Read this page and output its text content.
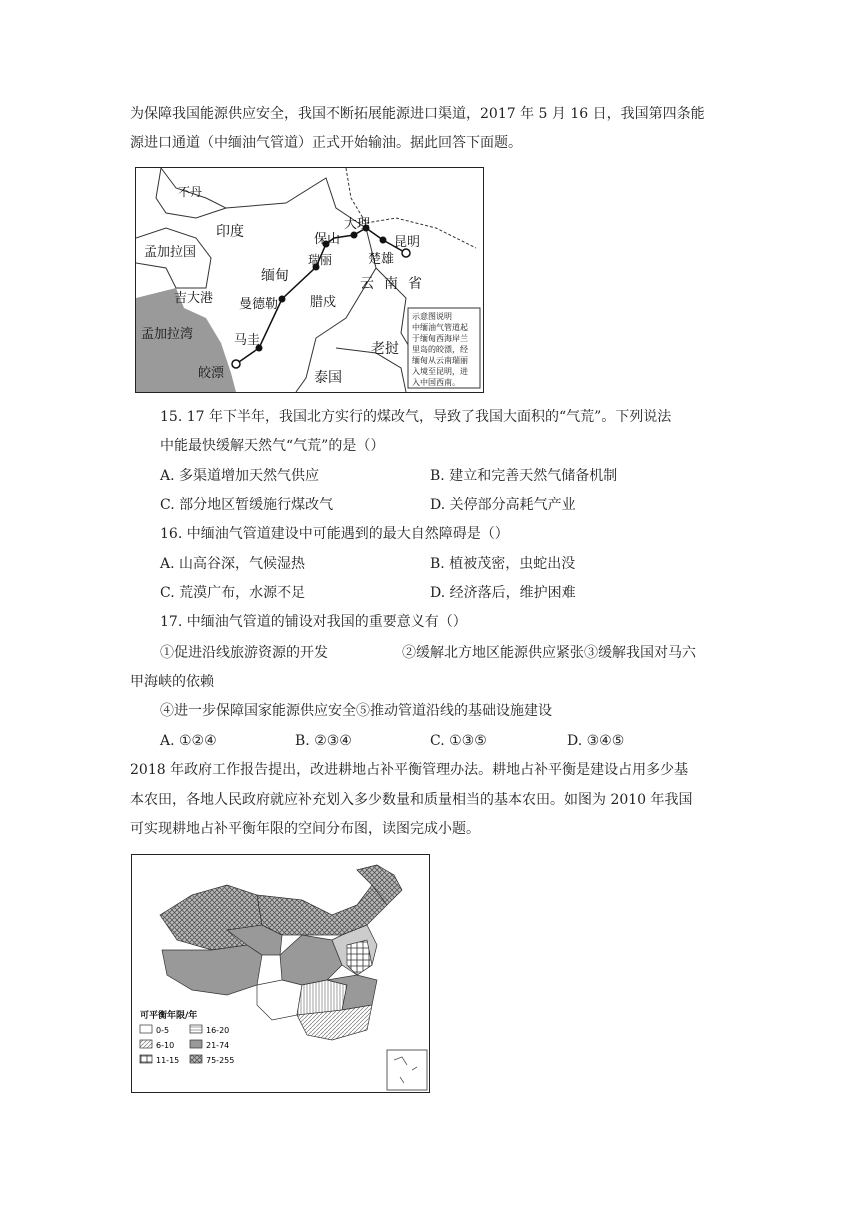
为保障我国能源供应安全，我国不断拓展能源进口渠道，2017 年 5 月 16 日，我国第四条能
源进口通道（中缅油气管道）正式开始输油。据此回答下面题。
不丹
印度
孟加拉国
吉大港
孟加拉湾
缅甸
曼德勒
马圭
皎漂
保山
大理
昆明
瑞丽
腊戍
楚雄
云南省
老挝
泰国
示意图说明
中缅油气管道起
于缅甸西海岸兰
里岛的皎漂，经
缅甸从云南瑞丽
入境至昆明，进
入中国西南。
15. 17 年下半年，我国北方实行的煤改气，导致了我国大面积的“气荒”。下列说法
中能最快缓解天然气“气荒”的是（）
A. 多渠道增加天然气供应	B. 建立和完善天然气储备机制
C. 部分地区暂缓施行煤改气	D. 关停部分高耗气产业
16. 中缅油气管道建设中可能遇到的最大自然障碍是（）
A. 山高谷深，气候湿热	B. 植被茂密，虫蛇出没
C. 荒漠广布，水源不足	D. 经济落后，维护困难
17. 中缅油气管道的铺设对我国的重要意义有（）
①促进沿线旅游资源的开发	②缓解北方地区能源供应紧张③缓解我国对马六
甲海峡的依赖
④进一步保障国家能源供应安全⑤推动管道沿线的基础设施建设
A. ①②④	B. ②③④	C. ①③⑤	D. ③④⑤
2018 年政府工作报告提出，改进耕地占补平衡管理办法。耕地占补平衡是建设占用多少基
本农田，各地人民政府就应补充划入多少数量和质量相当的基本农田。如图为 2010 年我国
可实现耕地占补平衡年限的空间分布图，读图完成小题。
可平衡年限/年
0-5	16-20
6-10	21-74
11-15	75-255
